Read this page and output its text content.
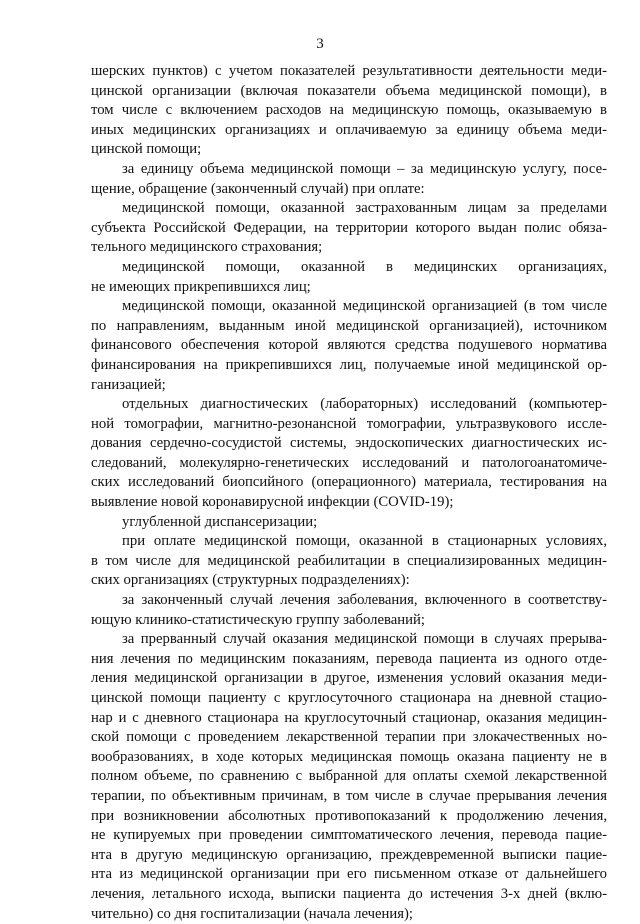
3
шерских пунктов) с учетом показателей результативности деятельности меди-
цинской организации (включая показатели объема медицинской помощи), в
том числе с включением расходов на медицинскую помощь, оказываемую в
иных медицинских организациях и оплачиваемую за единицу объема меди-
цинской помощи;
за единицу объема медицинской помощи – за медицинскую услугу, посе-
щение, обращение (законченный случай) при оплате:
медицинской помощи, оказанной застрахованным лицам за пределами
субъекта Российской Федерации, на территории которого выдан полис обяза-
тельного медицинского страхования;
медицинской помощи, оказанной в медицинских организациях,
не имеющих прикрепившихся лиц;
медицинской помощи, оказанной медицинской организацией (в том числе
по направлениям, выданным иной медицинской организацией), источником
финансового обеспечения которой являются средства подушевого норматива
финансирования на прикрепившихся лиц, получаемые иной медицинской ор-
ганизацией;
отдельных диагностических (лабораторных) исследований (компьютер-
ной томографии, магнитно-резонансной томографии, ультразвукового иссле-
дования сердечно-сосудистой системы, эндоскопических диагностических ис-
следований, молекулярно-генетических исследований и патологоанатомиче-
ских исследований биопсийного (операционного) материала, тестирования на
выявление новой коронавирусной инфекции (COVID-19);
углубленной диспансеризации;
при оплате медицинской помощи, оказанной в стационарных условиях,
в том числе для медицинской реабилитации в специализированных медицин-
ских организациях (структурных подразделениях):
за законченный случай лечения заболевания, включенного в соответству-
ющую клинико-статистическую группу заболеваний;
за прерванный случай оказания медицинской помощи в случаях прерыва-
ния лечения по медицинским показаниям, перевода пациента из одного отде-
ления медицинской организации в другое, изменения условий оказания меди-
цинской помощи пациенту с круглосуточного стационара на дневной стацио-
нар и с дневного стационара на круглосуточный стационар, оказания медицин-
ской помощи с проведением лекарственной терапии при злокачественных но-
вообразованиях, в ходе которых медицинская помощь оказана пациенту не в
полном объеме, по сравнению с выбранной для оплаты схемой лекарственной
терапии, по объективным причинам, в том числе в случае прерывания лечения
при возникновении абсолютных противопоказаний к продолжению лечения,
не купируемых при проведении симптоматического лечения, перевода пацие-
нта в другую медицинскую организацию, преждевременной выписки пацие-
нта из медицинской организации при его письменном отказе от дальнейшего
лечения, летального исхода, выписки пациента до истечения 3-х дней (вклю-
чительно) со дня госпитализации (начала лечения);
